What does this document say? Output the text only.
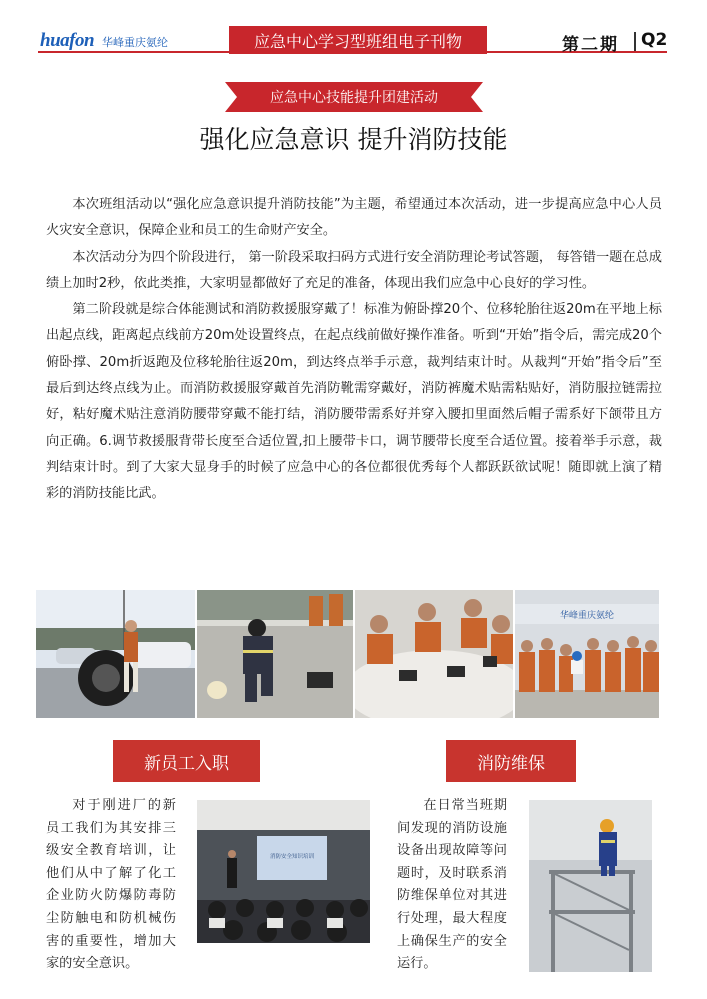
huafon 华峰重庆氨纶	应急中心学习型班组电子刊物	第二期 Q2
应急中心技能提升团建活动
强化应急意识 提升消防技能

本次班组活动以“强化应急意识提升消防技能”为主题，希望通过本次活动，进一步提高应急中心人员火灾安全意识，保障企业和员工的生命财产安全。

本次活动分为四个阶段进行， 第一阶段采取扫码方式进行安全消防理论考试答题， 每答错一题在总成绩上加时2秒，依此类推，大家明显都做好了充足的准备，体现出我们应急中心良好的学习性。

第二阶段就是综合体能测试和消防救援服穿戴了！标准为俯卧撑20个、位移轮胎往返20m在平地上标出起点线，距离起点线前方20m处设置终点，在起点线前做好操作准备。听到“开始”指令后，需完成20个俯卧撑、20m折返跑及位移轮胎往返20m，到达终点举手示意，裁判结束计时。从裁判“开始”指令后”至最后到达终点线为止。而消防救援服穿戴首先消防靴需穿戴好，消防裤魔术贴需粘贴好，消防服拉链需拉好，粘好魔术贴注意消防腰带穿戴不能打结，消防腰带需系好并穿入腰扣里面然后帽子需系好下颌带且方向正确。6.调节救援服背带长度至合适位置,扣上腰带卡口，调节腰带长度至合适位置。接着举手示意，裁判结束计时。到了大家大显身手的时候了应急中心的各位都很优秀每个人都跃跃欲试呢！随即就上演了精彩的消防技能比武。

华峰重庆氨纶
新员工入职
对于刚进厂的新员工我们为其安排三级安全教育培训，让他们从中了解了化工企业防火防爆防毒防尘防触电和防机械伤害的重要性，增加大家的安全意识。
消防安全知识培训
消防维保
在日常当班期间发现的消防设施设备出现故障等问题时，及时联系消防维保单位对其进行处理，最大程度上确保生产的安全运行。
